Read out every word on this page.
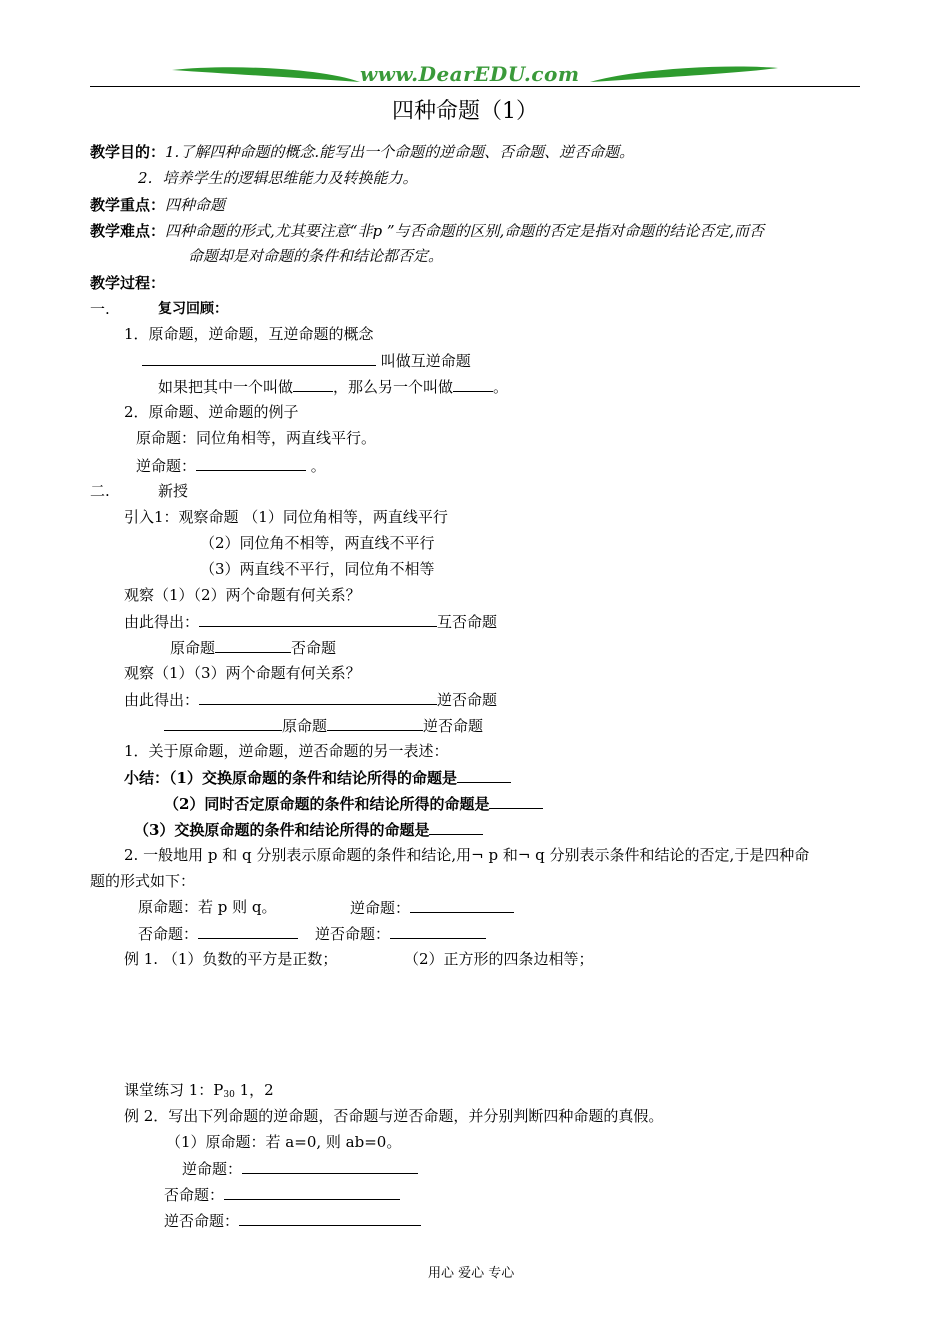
www.DearEDU.com
四种命题（1）
教学目的：1.了解四种命题的概念.能写出一个命题的逆命题、否命题、逆否命题。
2．培养学生的逻辑思维能力及转换能力。
教学重点：四种命题
教学难点：四种命题的形式,尤其要注意“非p ”与否命题的区别,命题的否定是指对命题的结论否定,而否
命题却是对命题的条件和结论都否定。
教学过程：
一.	复习回顾：
1．原命题，逆命题，互逆命题的概念
叫做互逆命题
如果把其中一个叫做	，那么另一个叫做	。
2．原命题、逆命题的例子
原命题：同位角相等，两直线平行。
逆命题：	。
二.	新授
引入1：观察命题 （1）同位角相等，两直线平行
（2）同位角不相等，两直线不平行
（3）两直线不平行，同位角不相等
观察（1）（2）两个命题有何关系？
由此得出：	互否命题
原命题	否命题
观察（1）（3）两个命题有何关系？
由此得出：	逆否命题
原命题	逆否命题
1．关于原命题，逆命题，逆否命题的另一表述：
小结：（1）交换原命题的条件和结论所得的命题是
（2）同时否定原命题的条件和结论所得的命题是
（3）交换原命题的条件和结论所得的命题是
2. 一般地用 p 和 q 分别表示原命题的条件和结论,用¬ p 和¬ q 分别表示条件和结论的否定,于是四种命
题的形式如下：
原命题：若 p 则 q。	逆命题：
否命题：	逆否命题：
例 1. （1）负数的平方是正数；	（2）正方形的四条边相等；
课堂练习 1：$P_{30}$ 1，2
例 2．写出下列命题的逆命题，否命题与逆否命题，并分别判断四种命题的真假。
（1）原命题：若 a=0, 则 ab=0。
逆命题：
否命题：
逆否命题：
用心 爱心 专心
